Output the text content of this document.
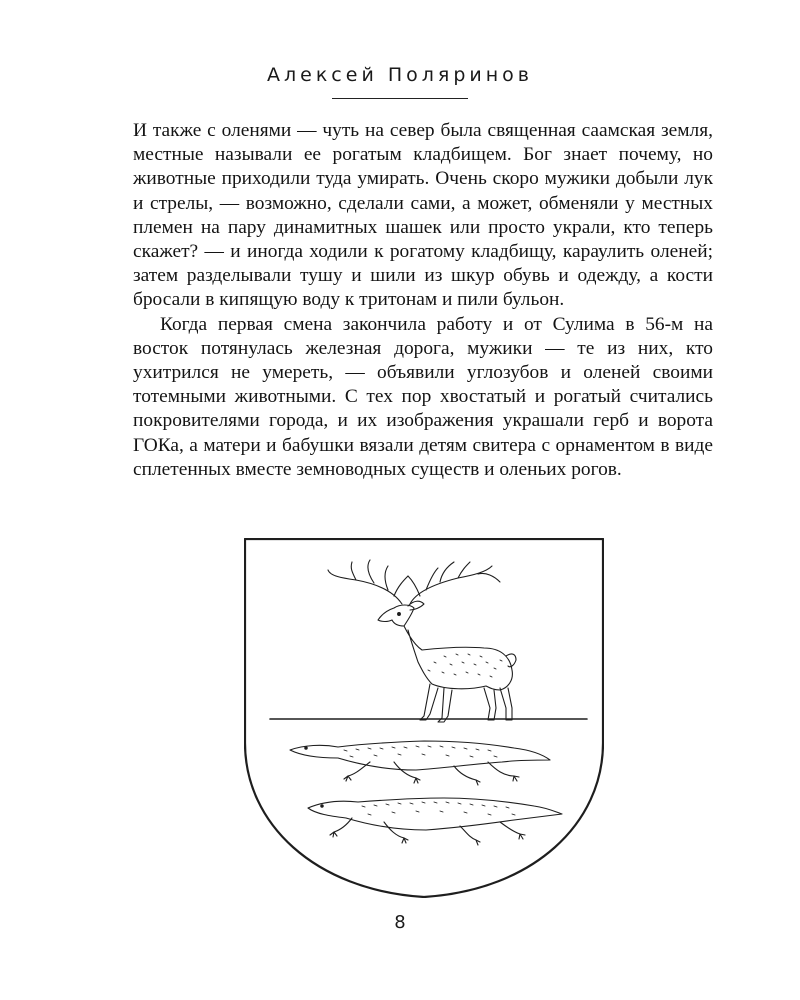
Алексей Поляринов

И также с оленями — чуть на север была священная саамская земля, местные называли ее рогатым кладбищем. Бог знает почему, но животные приходили туда умирать. Очень скоро мужики добыли лук и стрелы, — возможно, сделали сами, а может, обменяли у местных племен на пару динамитных шашек или просто украли, кто теперь скажет? — и иногда ходили к рогатому кладбищу, караулить оленей; затем разделывали тушу и шили из шкур обувь и одежду, а кости бросали в кипящую воду к тритонам и пили бульон.

Когда первая смена закончила работу и от Сулима в 56-м на восток потянулась железная дорога, мужики — те из них, кто ухитрился не умереть, — объявили углозубов и оленей своими тотемными животными. С тех пор хвостатый и рогатый считались покровителями города, и их изображения украшали герб и ворота ГОКа, а матери и бабушки вязали детям свитера с орнаментом в виде сплетенных вместе земноводных существ и оленьих рогов.

8
